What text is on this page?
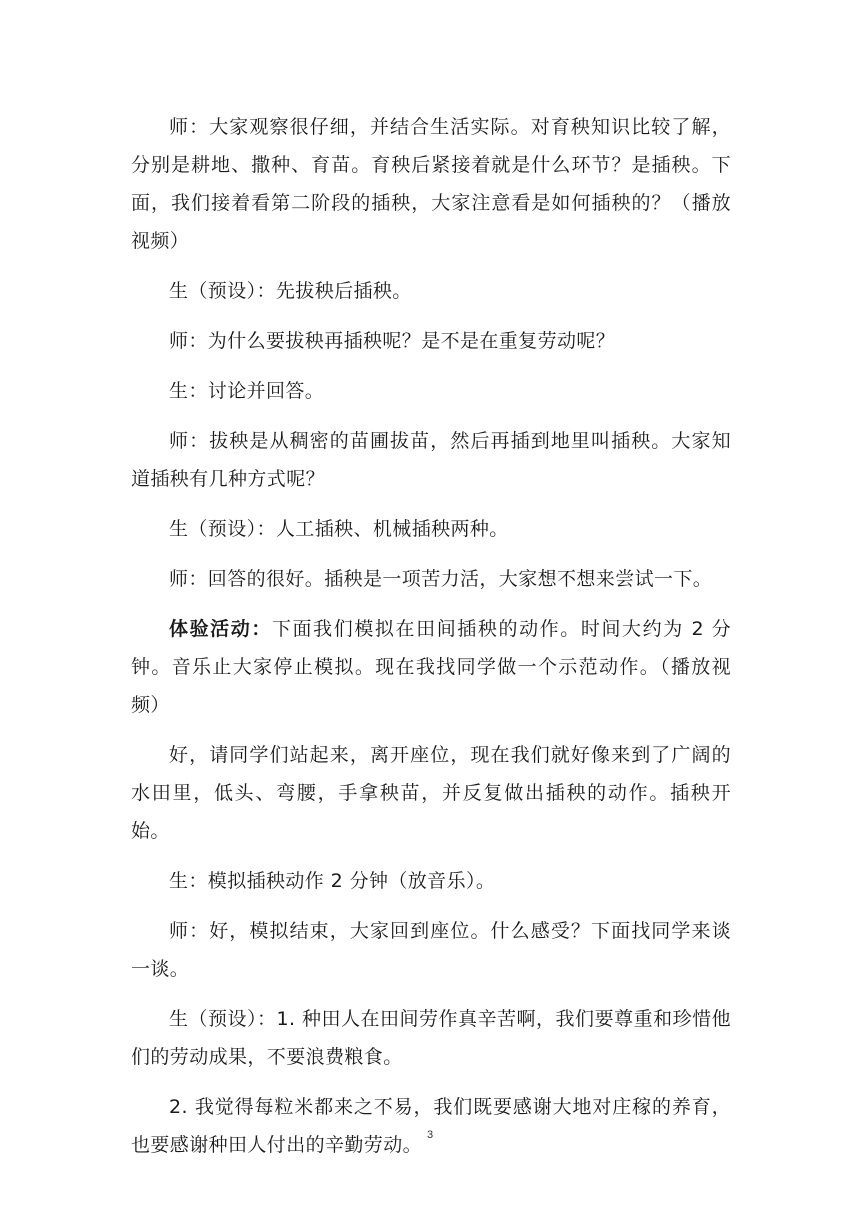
师：大家观察很仔细，并结合生活实际。对育秧知识比较了解，分别是耕地、撒种、育苗。育秧后紧接着就是什么环节？是插秧。下面，我们接着看第二阶段的插秧，大家注意看是如何插秧的？（播放视频）

生（预设）：先拔秧后插秧。

师：为什么要拔秧再插秧呢？是不是在重复劳动呢？

生：讨论并回答。

师：拔秧是从稠密的苗圃拔苗，然后再插到地里叫插秧。大家知道插秧有几种方式呢？

生（预设）：人工插秧、机械插秧两种。

师：回答的很好。插秧是一项苦力活，大家想不想来尝试一下。

体验活动：下面我们模拟在田间插秧的动作。时间大约为 2 分钟。音乐止大家停止模拟。现在我找同学做一个示范动作。（播放视频）

好，请同学们站起来，离开座位，现在我们就好像来到了广阔的水田里，低头、弯腰，手拿秧苗，并反复做出插秧的动作。插秧开始。

生：模拟插秧动作 2 分钟（放音乐）。

师：好，模拟结束，大家回到座位。什么感受？下面找同学来谈一谈。

生（预设）：1. 种田人在田间劳作真辛苦啊，我们要尊重和珍惜他们的劳动成果，不要浪费粮食。

2. 我觉得每粒米都来之不易，我们既要感谢大地对庄稼的养育，也要感谢种田人付出的辛勤劳动。 3
